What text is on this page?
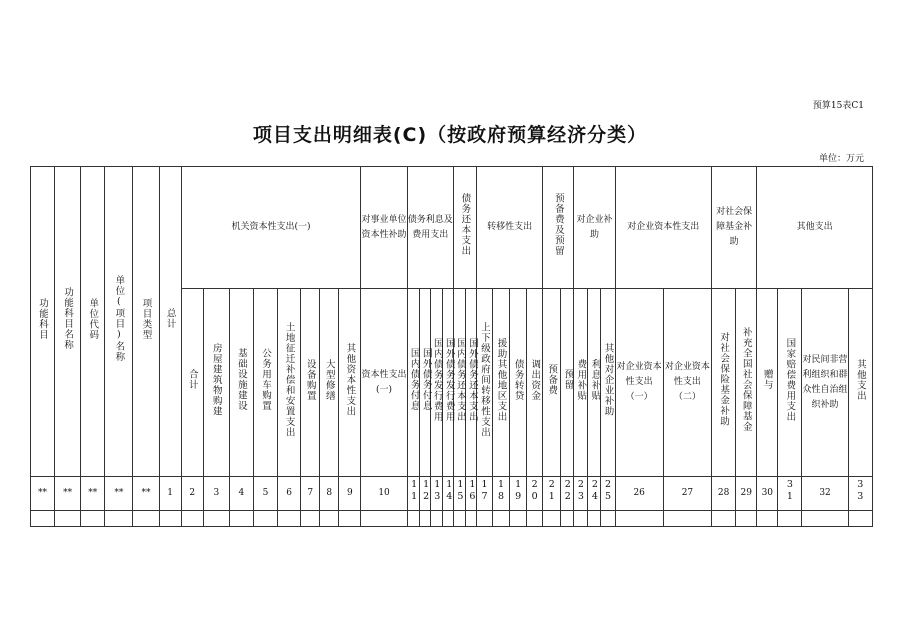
预算15表C1
项目支出明细表(C)（按政府预算经济分类）
单位：万元
功能科目	功能科目名称	单位代码	单位(项目)名称	项目类型	总计	机关资本性支出(一)								对事业单位资本性补助	债务利息及费用支出				债务还本支出		转移性支出				预备费及预留		对企业补助			对企业资本性支出		对社会保障基金补助		其他支出			
						合计	房屋建筑物购建	基础设施建设	公务用车购置	土地征迁补偿和安置支出	设备购置	大型修缮	其他资本性支出	资本性支出(一)	国内债务付息	国外债务付息	国内债务发行费用	国外债务发行费用	国内债务还本支出	国外债务还本支出	上下级政府间转移性支出	援助其他地区支出	债务转贷	调出资金	预备费	预留	费用补贴	利息补贴	其他对企业补助	对企业资本性支出（一）	对企业资本性支出（二）	对社会保险基金补助	补充全国社会保障基金	赠与	国家赔偿费用支出	对民间非营利组织和群众性自治组织补助	其他支出
**	**	**	**	**	1	2	3	4	5	6	7	8	9	10	11	12	13	14	15	16	17	18	19	20	21	22	23	24	25	26	27	28	29	30	31	32	33
